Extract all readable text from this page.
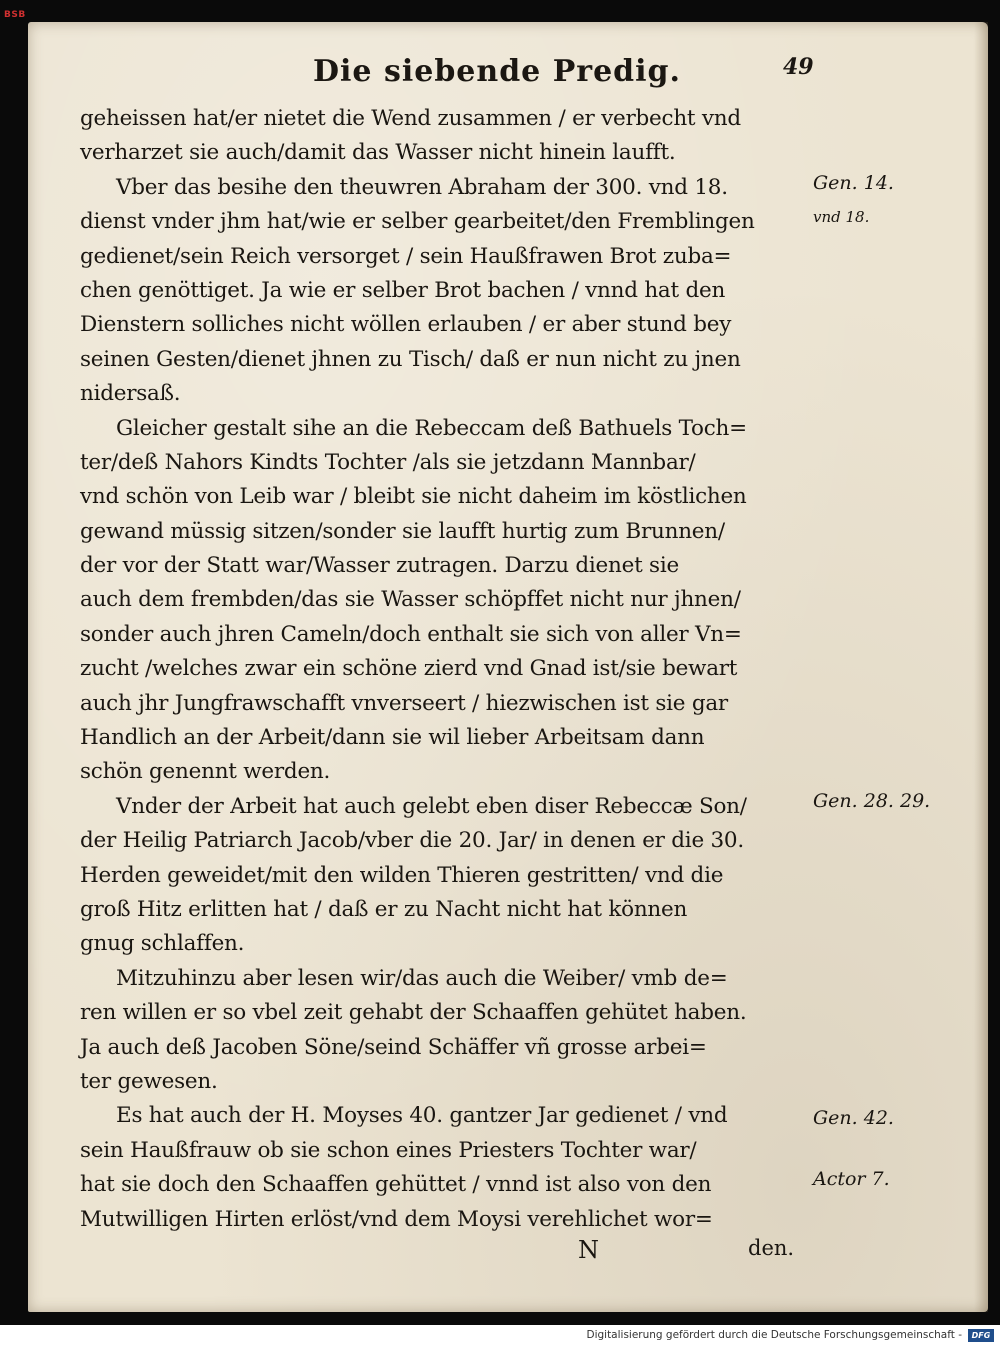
BSB
Die siebende Predig.	49
geheissen hat/er nietet die Wend zusammen / er verbecht vnd
verharzet sie auch/damit das Wasser nicht hinein laufft.
Vber das besihe den theuwren Abraham der 300. vnd 18.
dienst vnder jhm hat/wie er selber gearbeitet/den Fremblingen
gedienet/sein Reich versorget / sein Haußfrawen Brot zuba=
chen genöttiget. Ja wie er selber Brot bachen / vnnd hat den
Dienstern solliches nicht wöllen erlauben / er aber stund bey
seinen Gesten/dienet jhnen zu Tisch/ daß er nun nicht zu jnen
nidersaß.
Gleicher gestalt sihe an die Rebeccam deß Bathuels Toch=
ter/deß Nahors Kindts Tochter /als sie jetzdann Mannbar/
vnd schön von Leib war / bleibt sie nicht daheim im köstlichen
gewand müssig sitzen/sonder sie laufft hurtig zum Brunnen/
der vor der Statt war/Wasser zutragen. Darzu dienet sie
auch dem frembden/das sie Wasser schöpffet nicht nur jhnen/
sonder auch jhren Cameln/doch enthalt sie sich von aller Vn=
zucht /welches zwar ein schöne zierd vnd Gnad ist/sie bewart
auch jhr Jungfrawschafft vnverseert / hiezwischen ist sie gar
Handlich an der Arbeit/dann sie wil lieber Arbeitsam dann
schön genennt werden.
Vnder der Arbeit hat auch gelebt eben diser Rebeccæ Son/
der Heilig Patriarch Jacob/vber die 20. Jar/ in denen er die 30.
Herden geweidet/mit den wilden Thieren gestritten/ vnd die
groß Hitz erlitten hat / daß er zu Nacht nicht hat können
gnug schlaffen.
Mitzuhinzu aber lesen wir/das auch die Weiber/ vmb de=
ren willen er so vbel zeit gehabt der Schaaffen gehütet haben.
Ja auch deß Jacoben Söne/seind Schäffer vñ grosse arbei=
ter gewesen.
Es hat auch der H. Moyses 40. gantzer Jar gedienet / vnd
sein Haußfrauw ob sie schon eines Priesters Tochter war/
hat sie doch den Schaaffen gehüttet / vnnd ist also von den
Mutwilligen Hirten erlöst/vnd dem Moysi verehlichet wor=
Gen. 14.
vnd 18.
Gen. 28. 29.
Gen. 42.
Actor 7.
N	den.
Digitalisierung gefördert durch die Deutsche Forschungsgemeinschaft -	DFG
